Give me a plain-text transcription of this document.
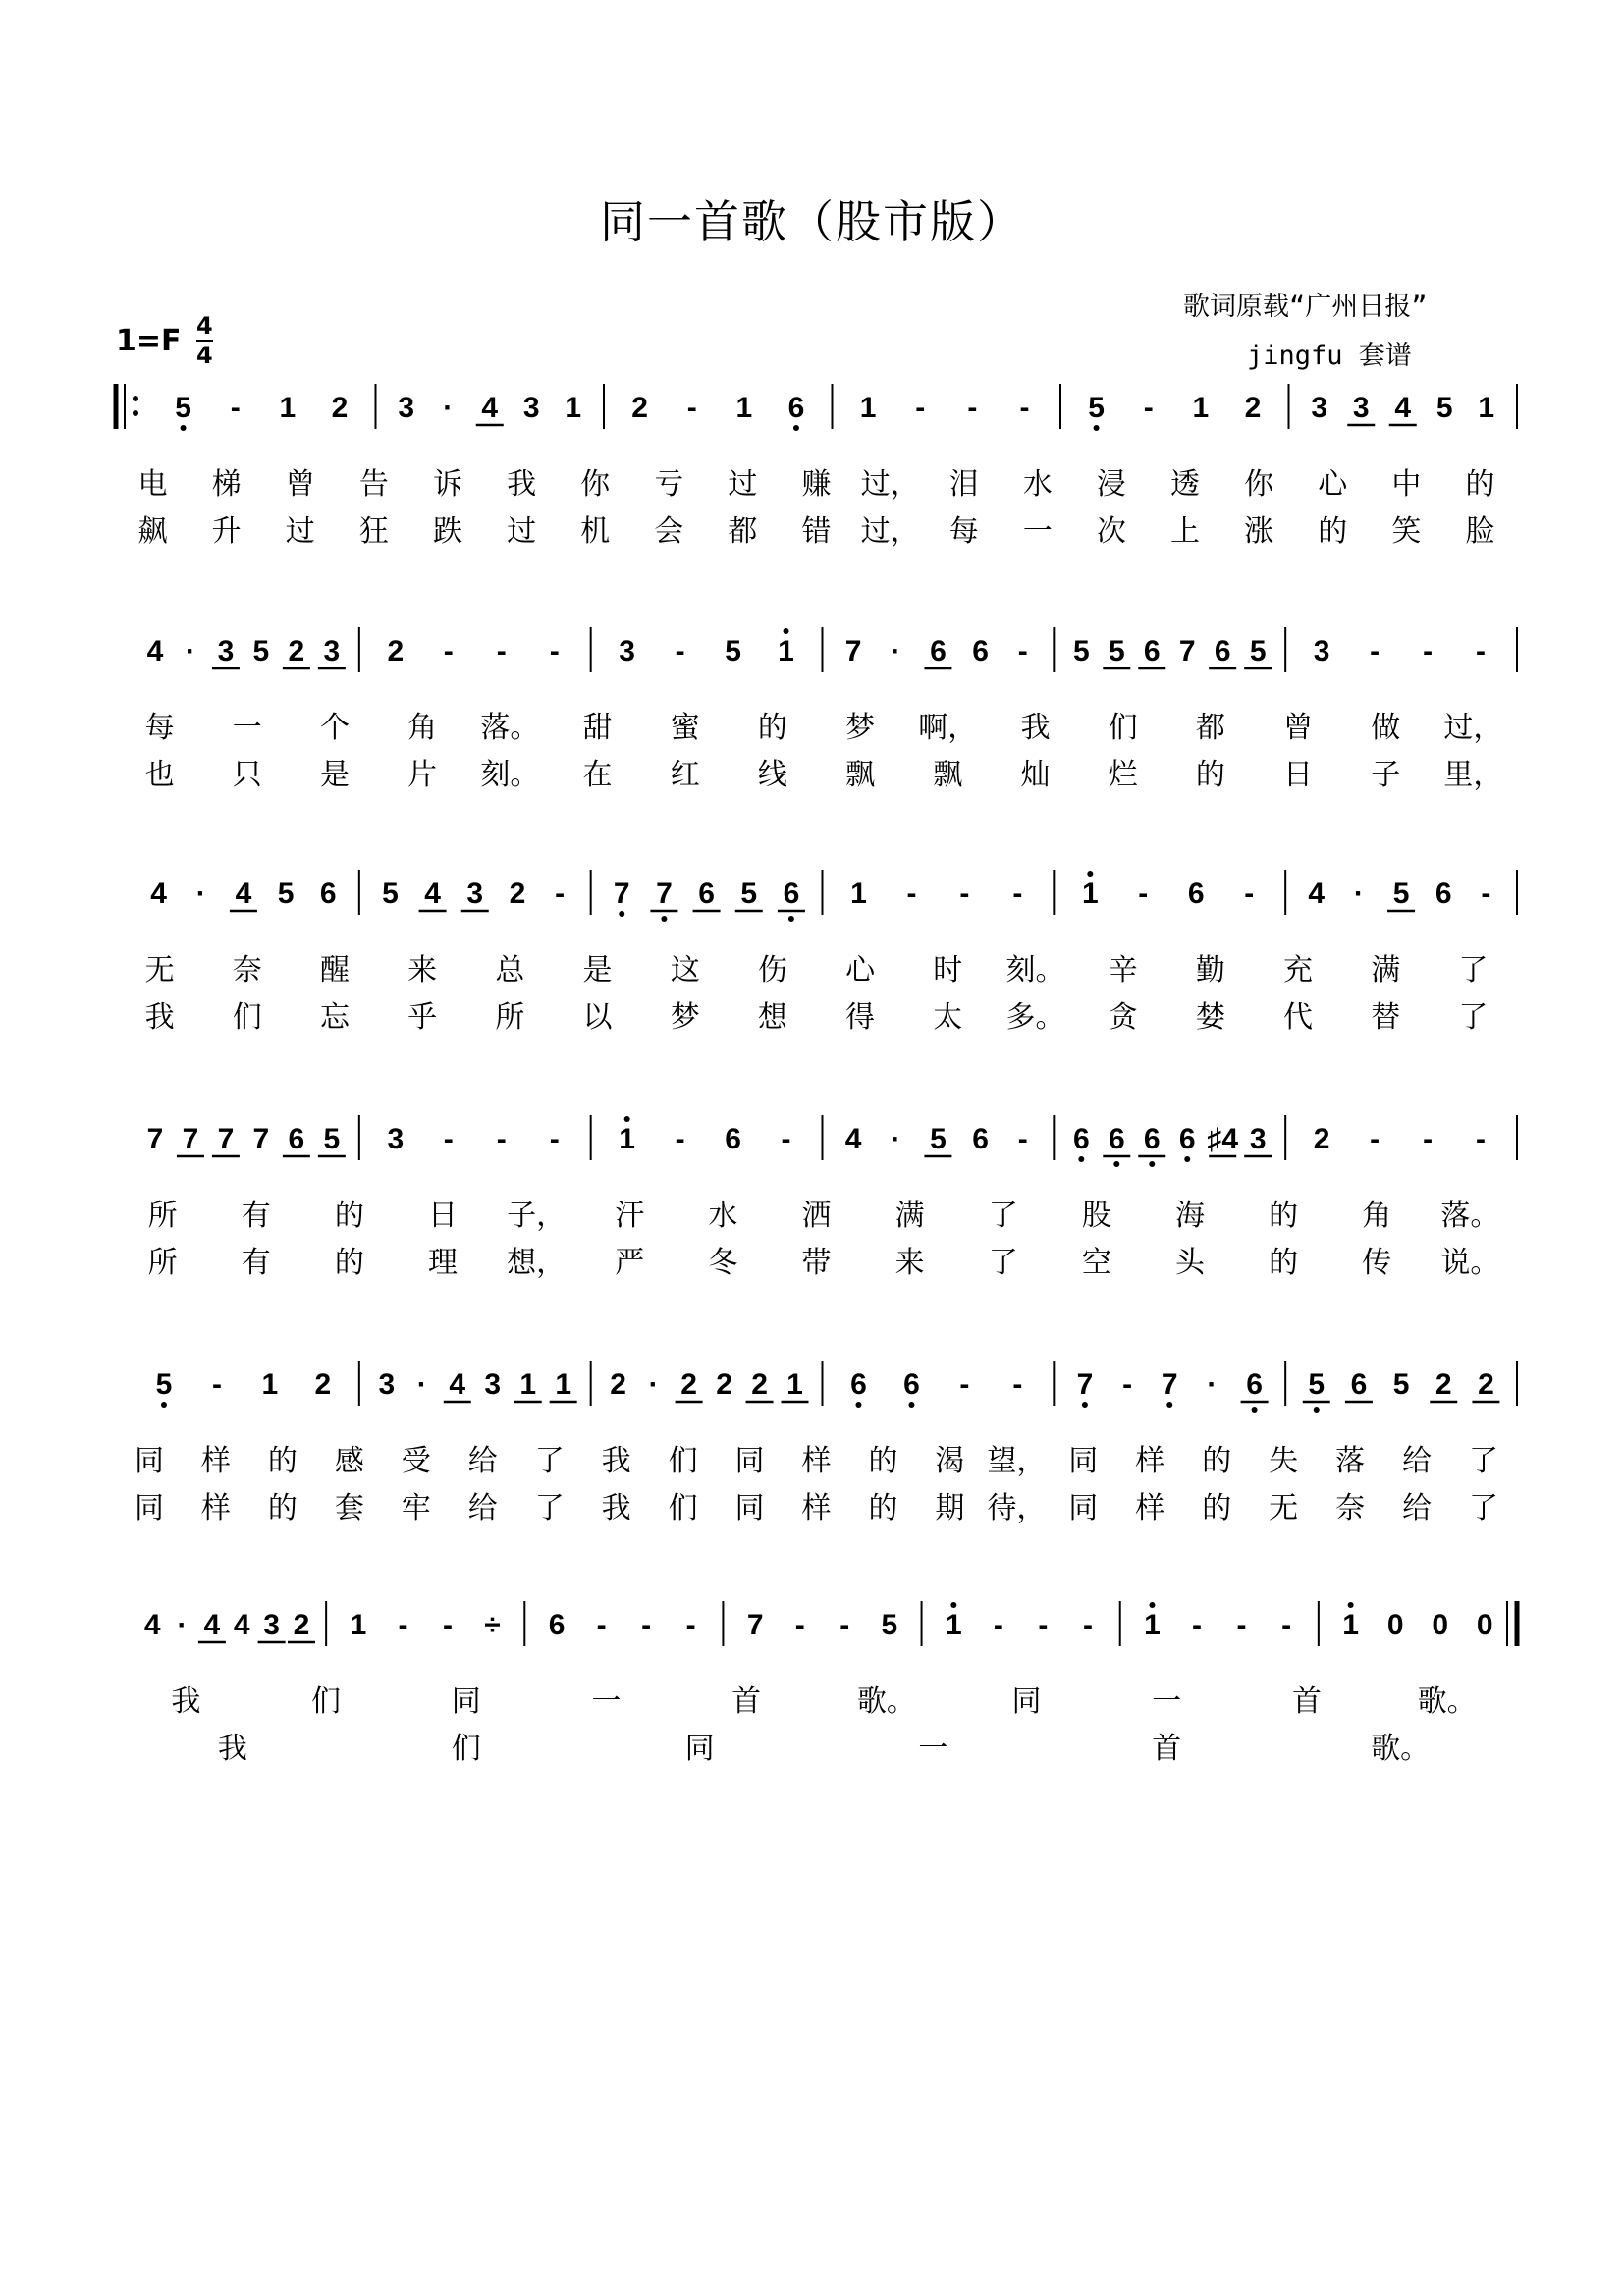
同一首歌（股市版）
歌词原载“广州日报”
jingfu 套谱
1=F 4
4
5 - 1 2 3 · 4 3 1 2 - 1 6 1 - - - 5 - 1 2 3 3 4 5 1
电 梯 曾 告 诉 我 你 亏 过 赚 过， 泪 水 浸 透 你 心 中 的
飙 升 过 狂 跌 过 机 会 都 错 过， 每 一 次 上 涨 的 笑 脸
4 · 3 5 2 3 2 - - - 3 - 5 1 7 · 6 6 - 5 5 6 7 6 5 3 - - -
每 一 个 角 落。 甜 蜜 的 梦 啊， 我 们 都 曾 做 过，
也 只 是 片 刻。 在 红 线 飘 飘 灿 烂 的 日 子 里，
4 · 4 5 6 5 4 3 2 - 7 7 6 5 6 1 - - - 1 - 6 - 4 · 5 6 -
无 奈 醒 来 总 是 这 伤 心 时 刻。 辛 勤 充 满 了
我 们 忘 乎 所 以 梦 想 得 太 多。 贪 婪 代 替 了
7 7 7 7 6 5 3 - - - 1 - 6 - 4 · 5 6 - 6 6 6 6 ♯4 3 2 - - -
所 有 的 日 子， 汗 水 洒 满 了 股 海 的 角 落。
所 有 的 理 想， 严 冬 带 来 了 空 头 的 传 说。
5 - 1 2 3 · 4 3 1 1 2 · 2 2 2 1 6 6 - - 7 - 7 · 6 5 6 5 2 2
同 样 的 感 受 给 了 我 们 同 样 的 渴 望， 同 样 的 失 落 给 了
同 样 的 套 牢 给 了 我 们 同 样 的 期 待， 同 样 的 无 奈 给 了
4 · 4 4 3 2 1 - - ÷ 6 - - - 7 - - 5 1 - - - 1 - - - 1 0 0 0
我	们	同	一	首	歌。	同	一	首	歌。
我	们	同	一	首	歌。
